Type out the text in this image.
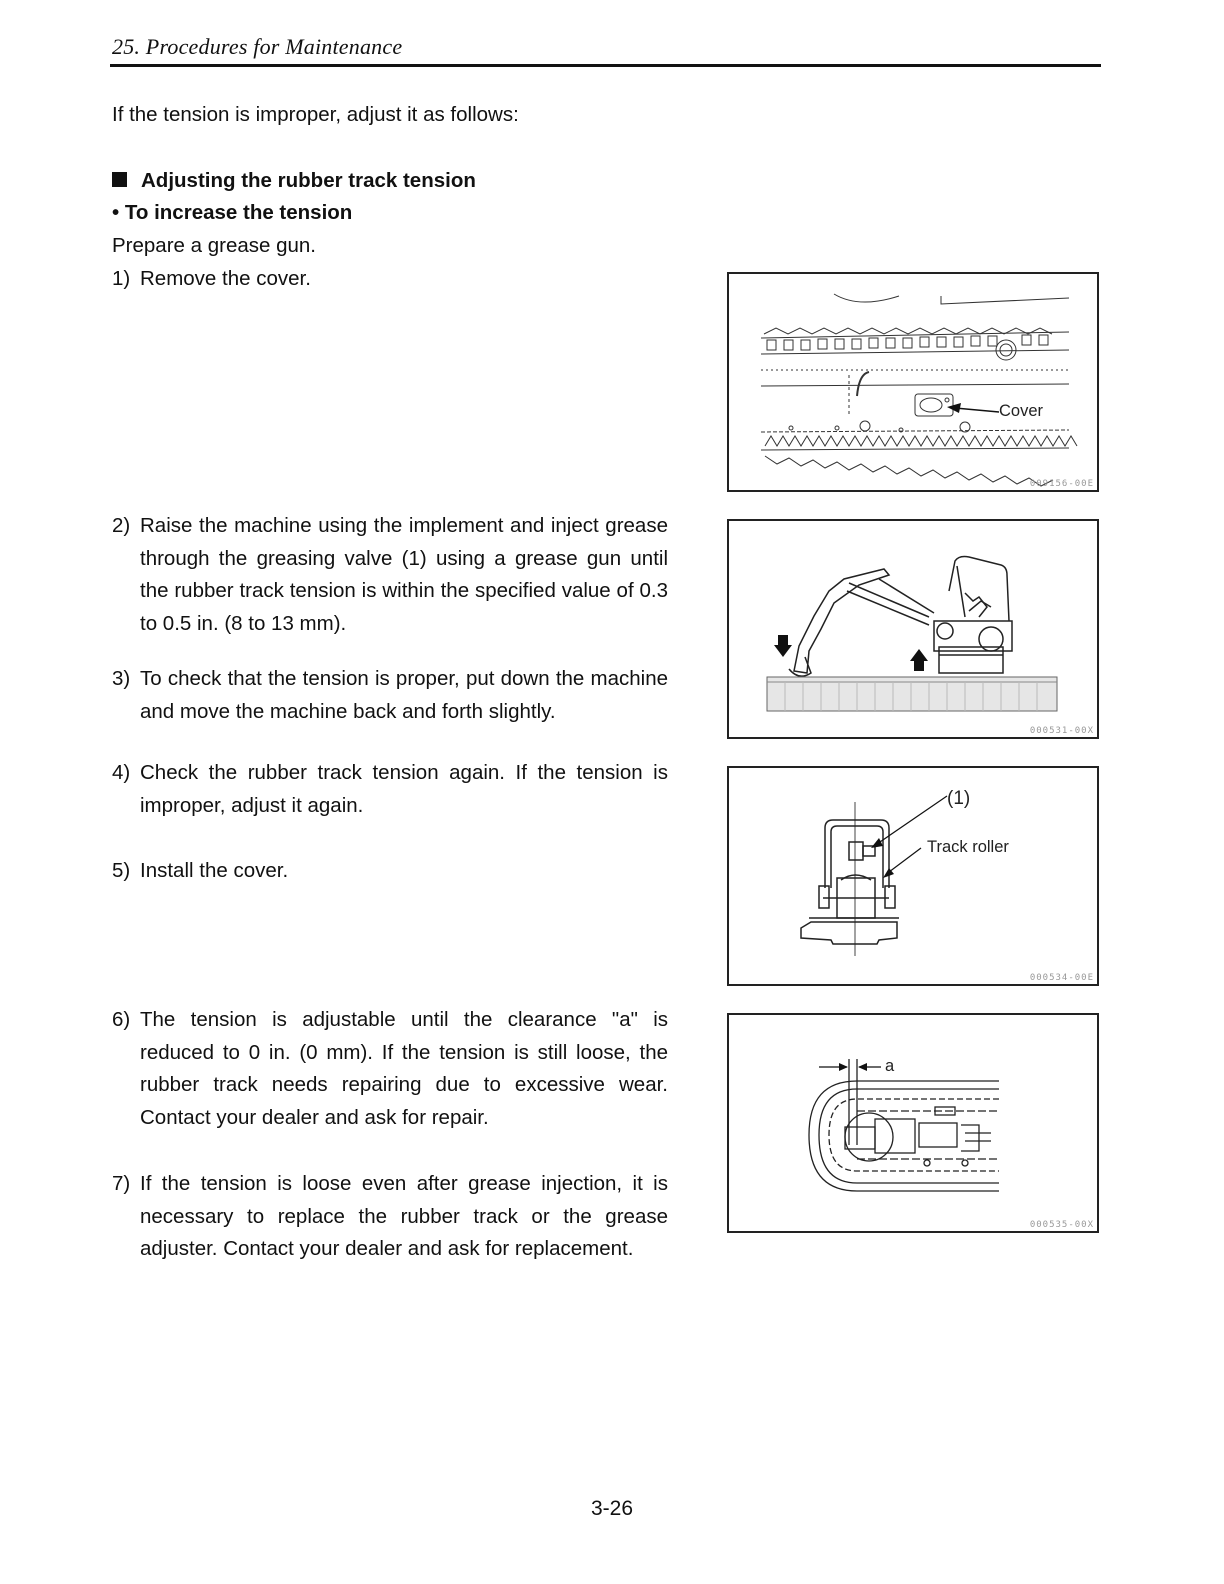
25. Procedures for Maintenance
If the tension is improper, adjust it as follows:
Adjusting the rubber track tension
• To increase the tension
Prepare a grease gun.
1) Remove the cover.
2) Raise the machine using the implement and inject grease through the greasing valve (1) using a grease gun until the rubber track tension is within the specified value of 0.3 to 0.5 in. (8 to 13 mm).
3) To check that the tension is proper, put down the machine and move the machine back and forth slightly.
4) Check the rubber track tension again. If the tension is improper, adjust it again.
5) Install the cover.
6) The tension is adjustable until the clearance "a" is reduced to 0 in. (0 mm). If the tension is still loose, the rubber track needs repairing due to excessive wear. Contact your dealer and ask for repair.
7) If the tension is loose even after grease injection, it is necessary to replace the rubber track or the grease adjuster. Contact your dealer and ask for replacement.
Cover
009156-00E
000531-00X
(1)
Track roller
000534-00E
a
000535-00X
3-26
